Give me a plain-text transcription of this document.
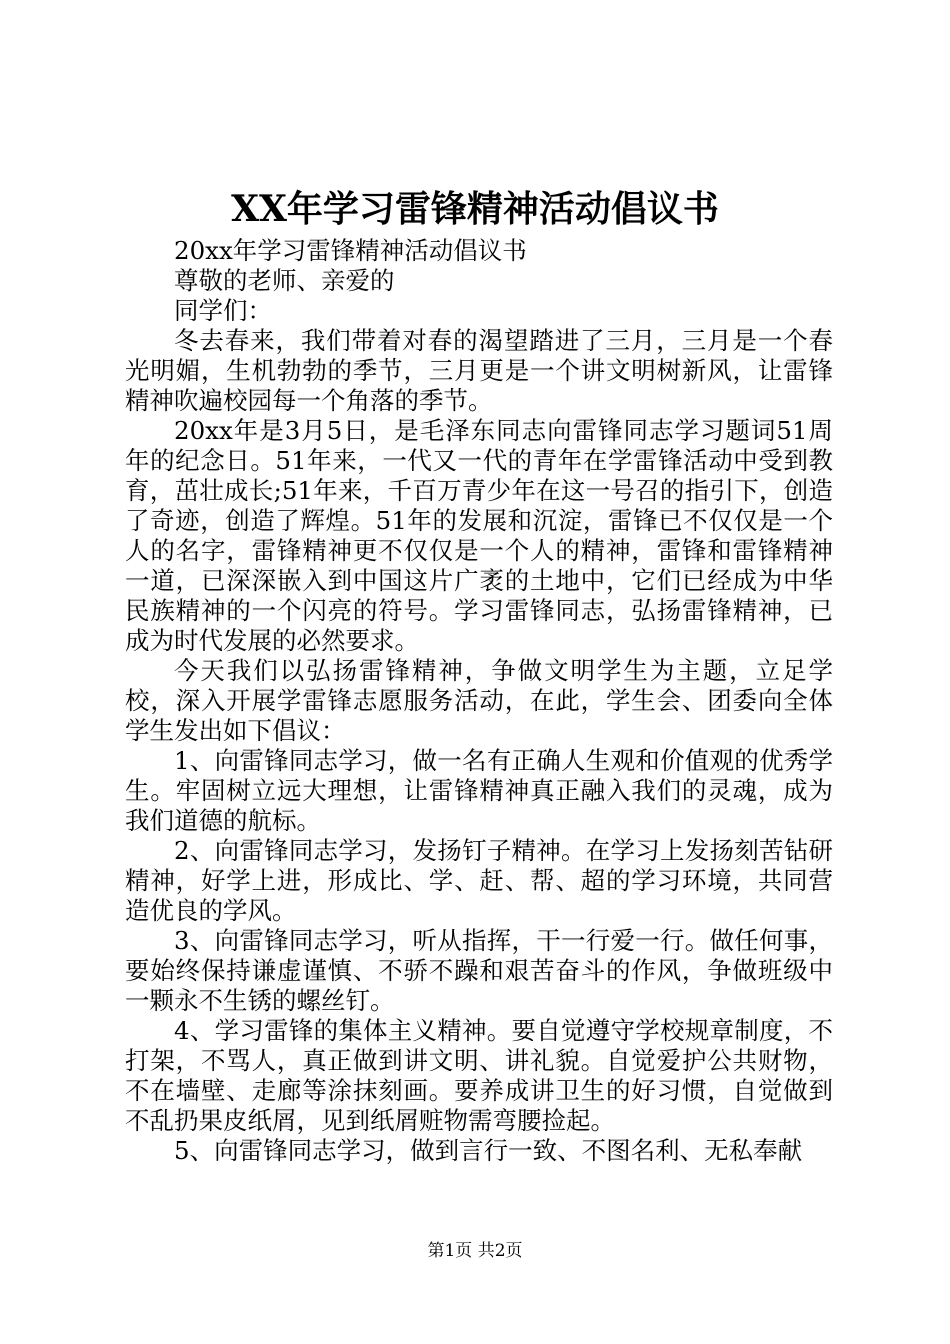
XX年学习雷锋精神活动倡议书

20xx年学习雷锋精神活动倡议书

尊敬的老师、亲爱的

同学们：

冬去春来，我们带着对春的渴望踏进了三月，三月是一个春光明媚，生机勃勃的季节，三月更是一个讲文明树新风，让雷锋精神吹遍校园每一个角落的季节。

20xx年是3月5日，是毛泽东同志向雷锋同志学习题词51周年的纪念日。51年来，一代又一代的青年在学雷锋活动中受到教育，茁壮成长;51年来，千百万青少年在这一号召的指引下，创造了奇迹，创造了辉煌。51年的发展和沉淀，雷锋已不仅仅是一个人的名字，雷锋精神更不仅仅是一个人的精神，雷锋和雷锋精神一道，已深深嵌入到中国这片广袤的土地中，它们已经成为中华民族精神的一个闪亮的符号。学习雷锋同志，弘扬雷锋精神，已成为时代发展的必然要求。

今天我们以弘扬雷锋精神，争做文明学生为主题，立足学校，深入开展学雷锋志愿服务活动，在此，学生会、团委向全体学生发出如下倡议：

1、向雷锋同志学习，做一名有正确人生观和价值观的优秀学生。牢固树立远大理想，让雷锋精神真正融入我们的灵魂，成为我们道德的航标。

2、向雷锋同志学习，发扬钉子精神。在学习上发扬刻苦钻研精神，好学上进，形成比、学、赶、帮、超的学习环境，共同营造优良的学风。

3、向雷锋同志学习，听从指挥，干一行爱一行。做任何事，要始终保持谦虚谨慎、不骄不躁和艰苦奋斗的作风，争做班级中一颗永不生锈的螺丝钉。

4、学习雷锋的集体主义精神。要自觉遵守学校规章制度，不打架，不骂人，真正做到讲文明、讲礼貌。自觉爱护公共财物，不在墙壁、走廊等涂抹刻画。要养成讲卫生的好习惯，自觉做到不乱扔果皮纸屑，见到纸屑赃物需弯腰捡起。

5、向雷锋同志学习，做到言行一致、不图名利、无私奉献

第1页 共2页
